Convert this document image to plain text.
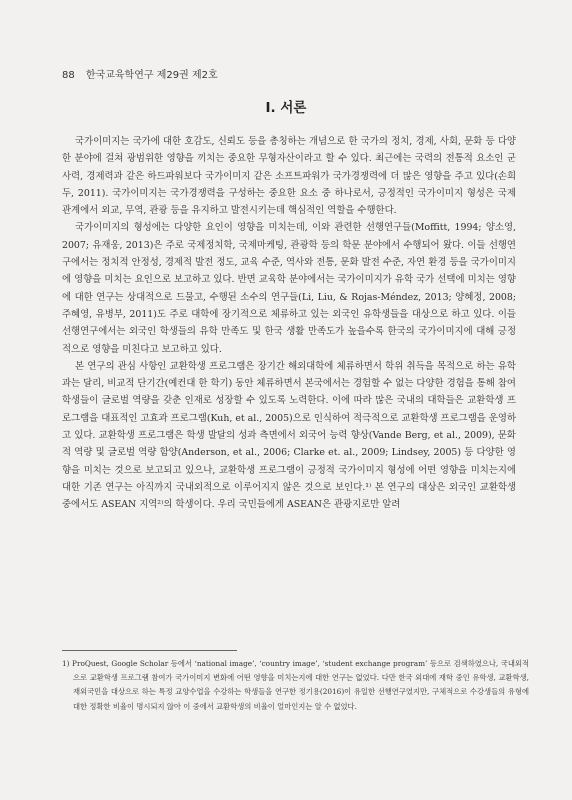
88 한국교육학연구 제29권 제2호
Ⅰ. 서론

국가이미지는 국가에 대한 호감도, 신뢰도 등을 총칭하는 개념으로 한 국가의 정치, 경제, 사회, 문화 등 다양한 분야에 걸쳐 광범위한 영향을 끼치는 중요한 무형자산이라고 할 수 있다. 최근에는 국력의 전통적 요소인 군사력, 경제력과 같은 하드파워보다 국가이미지 같은 소프트파워가 국가경쟁력에 더 많은 영향을 주고 있다(손희두, 2011). 국가이미지는 국가경쟁력을 구성하는 중요한 요소 중 하나로서, 긍정적인 국가이미지 형성은 국제 관계에서 외교, 무역, 관광 등을 유지하고 발전시키는데 핵심적인 역할을 수행한다.

국가이미지의 형성에는 다양한 요인이 영향을 미치는데, 이와 관련한 선행연구들(Moffitt, 1994; 양소영, 2007; 유재웅, 2013)은 주로 국제정치학, 국제마케팅, 관광학 등의 학문 분야에서 수행되어 왔다. 이들 선행연구에서는 정치적 안정성, 경제적 발전 정도, 교육 수준, 역사와 전통, 문화 발전 수준, 자연 환경 등을 국가이미지에 영향을 미치는 요인으로 보고하고 있다. 반면 교육학 분야에서는 국가이미지가 유학 국가 선택에 미치는 영향에 대한 연구는 상대적으로 드물고, 수행된 소수의 연구들(Li, Liu, & Rojas-Méndez, 2013; 양혜정, 2008; 주혜영, 유병부, 2011)도 주로 대학에 장기적으로 체류하고 있는 외국인 유학생들을 대상으로 하고 있다. 이들 선행연구에서는 외국인 학생들의 유학 만족도 및 한국 생활 만족도가 높을수록 한국의 국가이미지에 대해 긍정적으로 영향을 미친다고 보고하고 있다.

본 연구의 관심 사항인 교환학생 프로그램은 장기간 해외대학에 체류하면서 학위 취득을 목적으로 하는 유학과는 달리, 비교적 단기간(예컨대 한 학기) 동안 체류하면서 본국에서는 경험할 수 없는 다양한 경험을 통해 참여학생들이 글로벌 역량을 갖춘 인재로 성장할 수 있도록 노력한다. 이에 따라 많은 국내의 대학들은 교환학생 프로그램을 대표적인 고효과 프로그램(Kuh, et al., 2005)으로 인식하여 적극적으로 교환학생 프로그램을 운영하고 있다. 교환학생 프로그램은 학생 발달의 성과 측면에서 외국어 능력 향상(Vande Berg, et al., 2009), 문화적 역량 및 글로벌 역량 함양(Anderson, et al., 2006; Clarke et. al., 2009; Lindsey, 2005) 등 다양한 영향을 미치는 것으로 보고되고 있으나, 교환학생 프로그램이 긍정적 국가이미지 형성에 어떤 영향을 미치는지에 대한 기존 연구는 아직까지 국내외적으로 이루어지지 않은 것으로 보인다.¹⁾ 본 연구의 대상은 외국인 교환학생 중에서도 ASEAN 지역²⁾의 학생이다. 우리 국민들에게 ASEAN은 관광지로만 알려

1) ProQuest, Google Scholar 등에서 ‘national image’, ‘country image’, ‘student exchange program’ 등으로 검색하였으나, 국내외적으로 교환학생 프로그램 참여가 국가이미지 변화에 어떤 영향을 미치는지에 대한 연구는 없었다. 다만 한국 외대에 재학 중인 유학생, 교환학생, 재외국민을 대상으로 하는 특정 교양수업을 수강하는 학생들을 연구한 정기용(2016)이 유일한 선행연구였지만, 구체적으로 수강생들의 유형에 대한 정확한 비율이 명시되지 않아 이 중에서 교환학생의 비율이 얼마인지는 알 수 없었다.
